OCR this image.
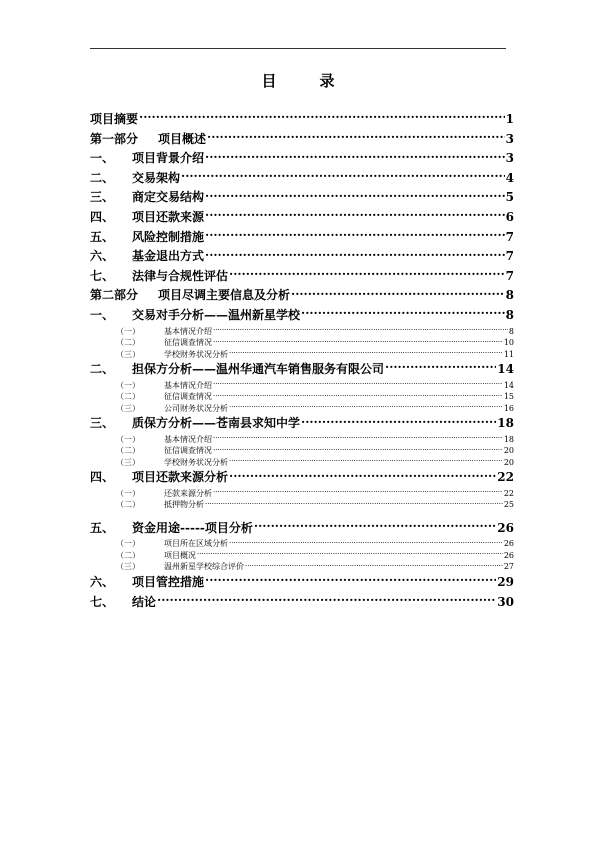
目　录
项目摘要 .....	1
第一部分	项目概述 .....	3
一、	项目背景介绍 .....	3
二、	交易架构 .....	4
三、	商定交易结构 .....	5
四、	项目还款来源 .....	6
五、	风险控制措施 .....	7
六、	基金退出方式 .....	7
七、	法律与合规性评估 .....	7
第二部分	项目尽调主要信息及分析 .....	8
一、	交易对手分析——温州新星学校 .....	8
（一）	基本情况介绍 .....	8
（二）	征信调查情况 .....	10
（三）	学校财务状况分析 .....	11
二、	担保方分析——温州华通汽车销售服务有限公司 .....	14
（一）	基本情况介绍 .....	14
（二）	征信调查情况 .....	15
（三）	公司财务状况分析 .....	16
三、	质保方分析——苍南县求知中学 .....	18
（一）	基本情况介绍 .....	18
（二）	征信调查情况 .....	20
（三）	学校财务状况分析 .....	20
四、	项目还款来源分析 .....	22
（一）	还款来源分析 .....	22
（二）	抵押物分析 .....	25
五、	资金用途-----项目分析 .....	26
（一）	项目所在区域分析 .....	26
（二）	项目概况 .....	26
（三）	温州新星学校综合评价 .....	27
六、	项目管控措施 .....	29
七、	结论 .....	30
